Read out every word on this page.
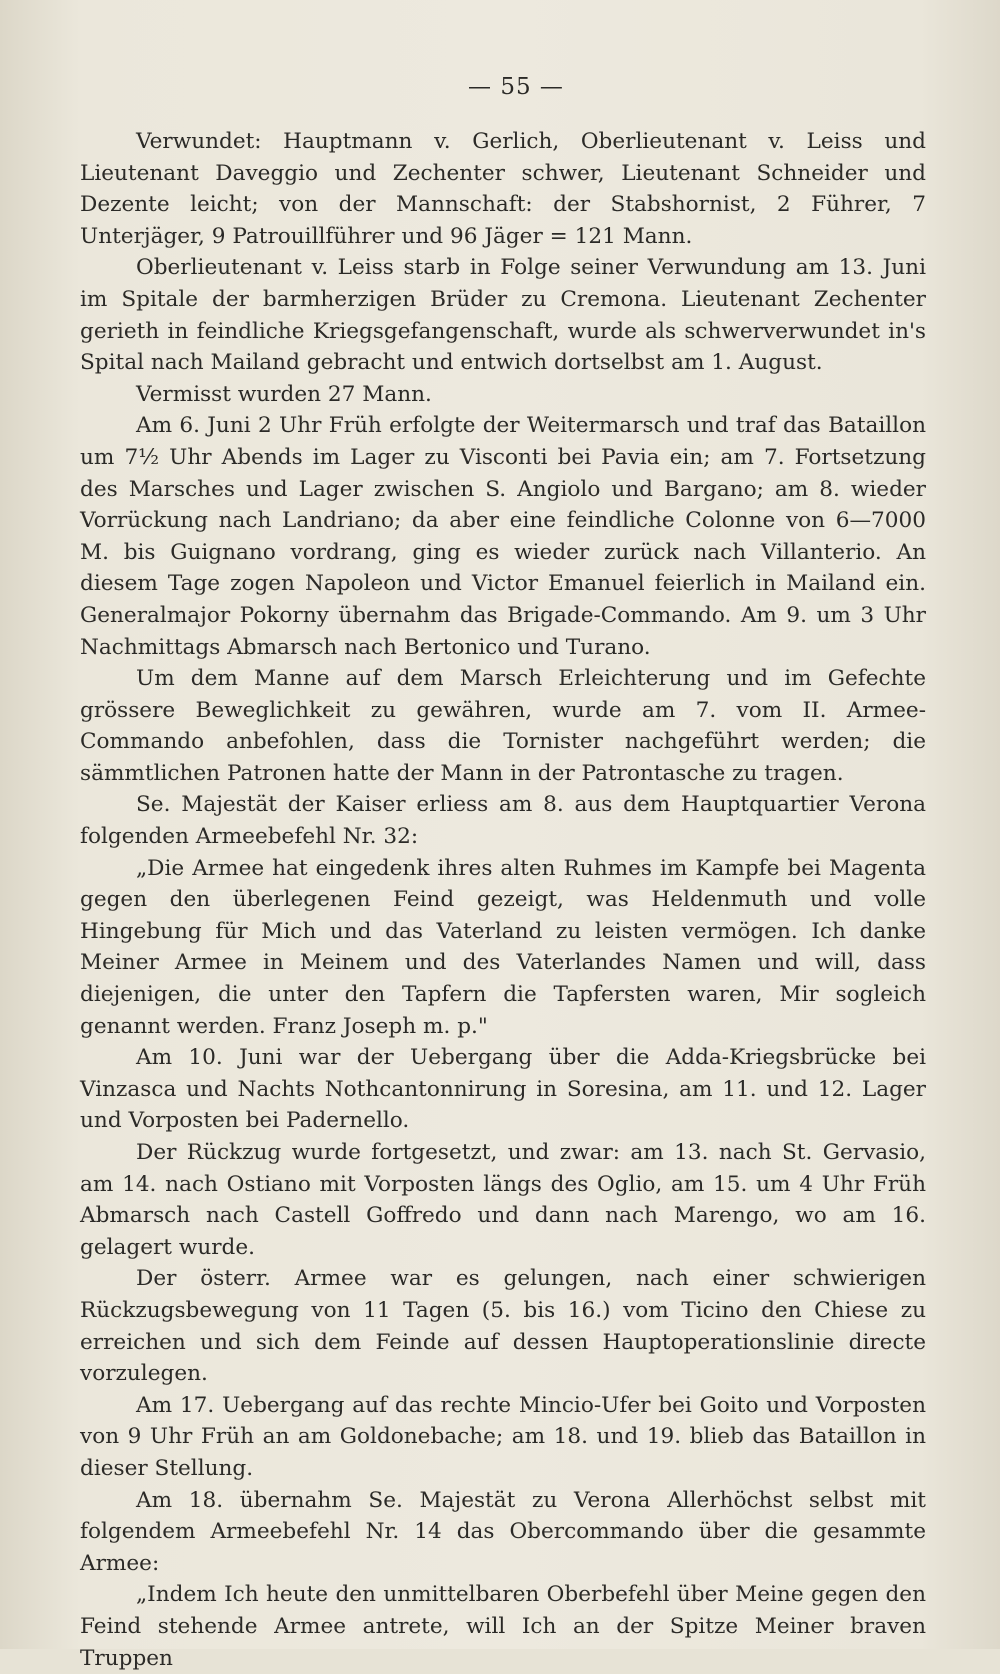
— 55 —

Verwundet: Hauptmann v. Gerlich, Oberlieutenant v. Leiss und Lieutenant Daveggio und Zechenter schwer, Lieutenant Schneider und Dezente leicht; von der Mannschaft: der Stabshornist, 2 Führer, 7 Unterjäger, 9 Patrouillführer und 96 Jäger = 121 Mann.

Oberlieutenant v. Leiss starb in Folge seiner Verwundung am 13. Juni im Spitale der barmherzigen Brüder zu Cremona. Lieutenant Zechenter gerieth in feindliche Kriegsgefangenschaft, wurde als schwerverwundet in's Spital nach Mailand gebracht und entwich dortselbst am 1. August.

Vermisst wurden 27 Mann.

Am 6. Juni 2 Uhr Früh erfolgte der Weitermarsch und traf das Bataillon um 7½ Uhr Abends im Lager zu Visconti bei Pavia ein; am 7. Fortsetzung des Marsches und Lager zwischen S. Angiolo und Bargano; am 8. wieder Vorrückung nach Landriano; da aber eine feindliche Colonne von 6—7000 M. bis Guignano vordrang, ging es wieder zurück nach Villanterio. An diesem Tage zogen Napoleon und Victor Emanuel feierlich in Mailand ein. Generalmajor Pokorny übernahm das Brigade-Commando. Am 9. um 3 Uhr Nachmittags Abmarsch nach Bertonico und Turano.

Um dem Manne auf dem Marsch Erleichterung und im Gefechte grössere Beweglichkeit zu gewähren, wurde am 7. vom II. Armee-Commando anbefohlen, dass die Tornister nachgeführt werden; die sämmtlichen Patronen hatte der Mann in der Patrontasche zu tragen.

Se. Majestät der Kaiser erliess am 8. aus dem Hauptquartier Verona folgenden Armeebefehl Nr. 32:

„Die Armee hat eingedenk ihres alten Ruhmes im Kampfe bei Magenta gegen den überlegenen Feind gezeigt, was Heldenmuth und volle Hingebung für Mich und das Vaterland zu leisten vermögen. Ich danke Meiner Armee in Meinem und des Vaterlandes Namen und will, dass diejenigen, die unter den Tapfern die Tapfersten waren, Mir sogleich genannt werden. Franz Joseph m. p."

Am 10. Juni war der Uebergang über die Adda-Kriegsbrücke bei Vinzasca und Nachts Nothcantonnirung in Soresina, am 11. und 12. Lager und Vorposten bei Padernello.

Der Rückzug wurde fortgesetzt, und zwar: am 13. nach St. Gervasio, am 14. nach Ostiano mit Vorposten längs des Oglio, am 15. um 4 Uhr Früh Abmarsch nach Castell Goffredo und dann nach Marengo, wo am 16. gelagert wurde.

Der österr. Armee war es gelungen, nach einer schwierigen Rückzugsbewegung von 11 Tagen (5. bis 16.) vom Ticino den Chiese zu erreichen und sich dem Feinde auf dessen Hauptoperationslinie directe vorzulegen.

Am 17. Uebergang auf das rechte Mincio-Ufer bei Goito und Vorposten von 9 Uhr Früh an am Goldonebache; am 18. und 19. blieb das Bataillon in dieser Stellung.

Am 18. übernahm Se. Majestät zu Verona Allerhöchst selbst mit folgendem Armeebefehl Nr. 14 das Obercommando über die gesammte Armee:

„Indem Ich heute den unmittelbaren Oberbefehl über Meine gegen den Feind stehende Armee antrete, will Ich an der Spitze Meiner braven Truppen
